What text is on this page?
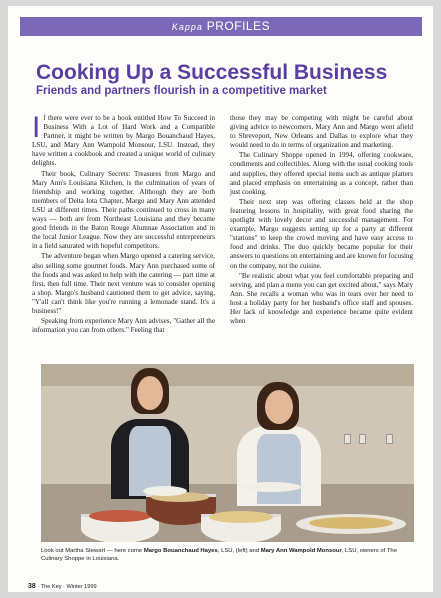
Kappa PROFILES
Cooking Up a Successful Business
Friends and partners flourish in a competitive market

If there were ever to be a book entitled How To Succeed in Business With a Lot of Hard Work and a Compatible Partner, it might be written by Margo Bouanchaud Hayes, LSU, and Mary Ann Wampold Monsour, LSU. Instead, they have written a cookbook and created a unique world of culinary delights.

Their book, Culinary Secrets: Treasures from Margo and Mary Ann's Louisiana Kitchen, is the culmination of years of friendship and working together. Although they are both members of Delta Iota Chapter, Margo and Mary Ann attended LSU at different times. Their paths continued to cross in many ways — both are from Northeast Louisiana and they became good friends in the Baton Rouge Alumnae Association and in the local Junior League. Now they are successful entrepreneurs in a field saturated with hopeful competitors.

The adventure began when Margo opened a catering service, also selling some gourmet foods. Mary Ann purchased some of the foods and was asked to help with the catering — part time at first, then full time. Their next venture was to consider opening a shop. Margo's husband cautioned them to get advice, saying, "Y'all can't think like you're running a lemonade stand. It's a business!"

Speaking from experience Mary Ann advises, "Gather all the information you can from others." Feeling that

those they may be competing with might be careful about giving advice to newcomers, Mary Ann and Margo went afield to Shreveport, New Orleans and Dallas to explore what they would need to do in terms of organization and marketing.

The Culinary Shoppe opened in 1994, offering cookware, condiments and collectibles. Along with the usual cooking tools and supplies, they offered special items such as antique platters and placed emphasis on entertaining as a concept, rather than just cooking.

Their next step was offering classes held at the shop featuring lessons in hospitality, with great food sharing the spotlight with lovely decor and successful management. For example, Margo suggests setting up for a party at different "stations" to keep the crowd moving and have easy access to food and drinks. The duo quickly became popular for their answers to questions on entertaining and are known for focusing on the company, not the cuisine.

"Be realistic about what you feel comfortable preparing and serving, and plan a menu you can get excited about," says Mary Ann. She recalls a woman who was in tears over her need to host a holiday party for her husband's office staff and spouses. Her lack of knowledge and experience became quite evident when

Look out Martha Stewart — here come Margo Bouanchaud Hayes, LSU, (left) and Mary Ann Wampold Monsour, LSU, owners of The Culinary Shoppe in Louisiana.
38 · The Key · Winter 1999
